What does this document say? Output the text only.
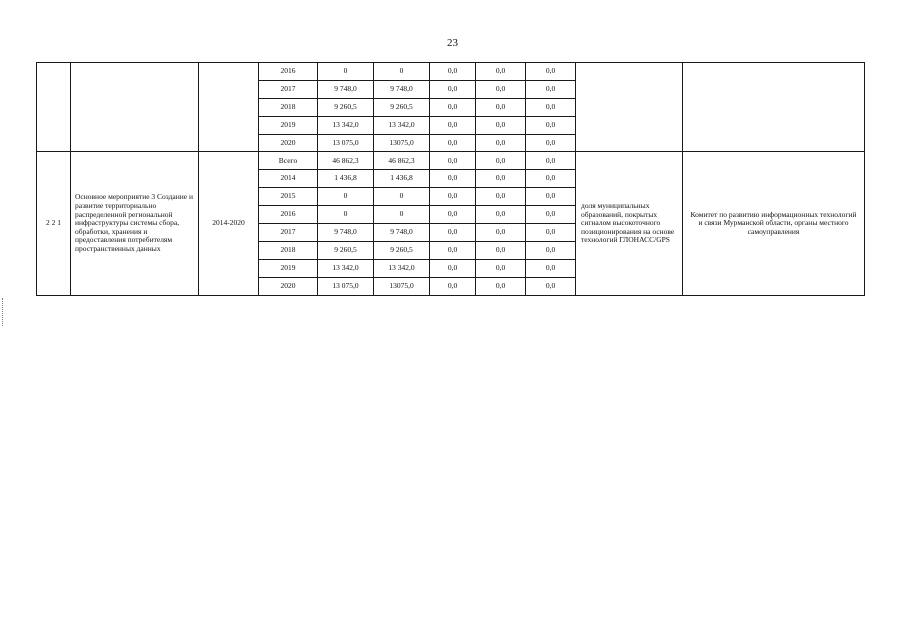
23
			2016	0	0	0,0	0,0	0,0		
			2017	9 748,0	9 748,0	0,0	0,0	0,0		
			2018	9 260,5	9 260,5	0,0	0,0	0,0		
			2019	13 342,0	13 342,0	0,0	0,0	0,0		
			2020	13 075,0	13075,0	0,0	0,0	0,0		
2 2 1	Основное мероприятие 3 Создание и развитие территориально распределенной региональной инфраструктуры системы сбора, обработки, хранения и предоставления потребителям пространственных данных	2014-2020	Всего	46 862,3	46 862,3	0,0	0,0	0,0	доля муниципальных образований, покрытых сигналом высокоточного позиционирования на основе технологий ГЛОНАСС/GPS	Комитет по развитию информационных технологий и связи Мурманской области, органы местного самоуправления
			2014	1 436,8	1 436,8	0,0	0,0	0,0		
			2015	0	0	0,0	0,0	0,0		
			2016	0	0	0,0	0,0	0,0		
			2017	9 748,0	9 748,0	0,0	0,0	0,0		
			2018	9 260,5	9 260,5	0,0	0,0	0,0		
			2019	13 342,0	13 342,0	0,0	0,0	0,0		
			2020	13 075,0	13075,0	0,0	0,0	0,0		
